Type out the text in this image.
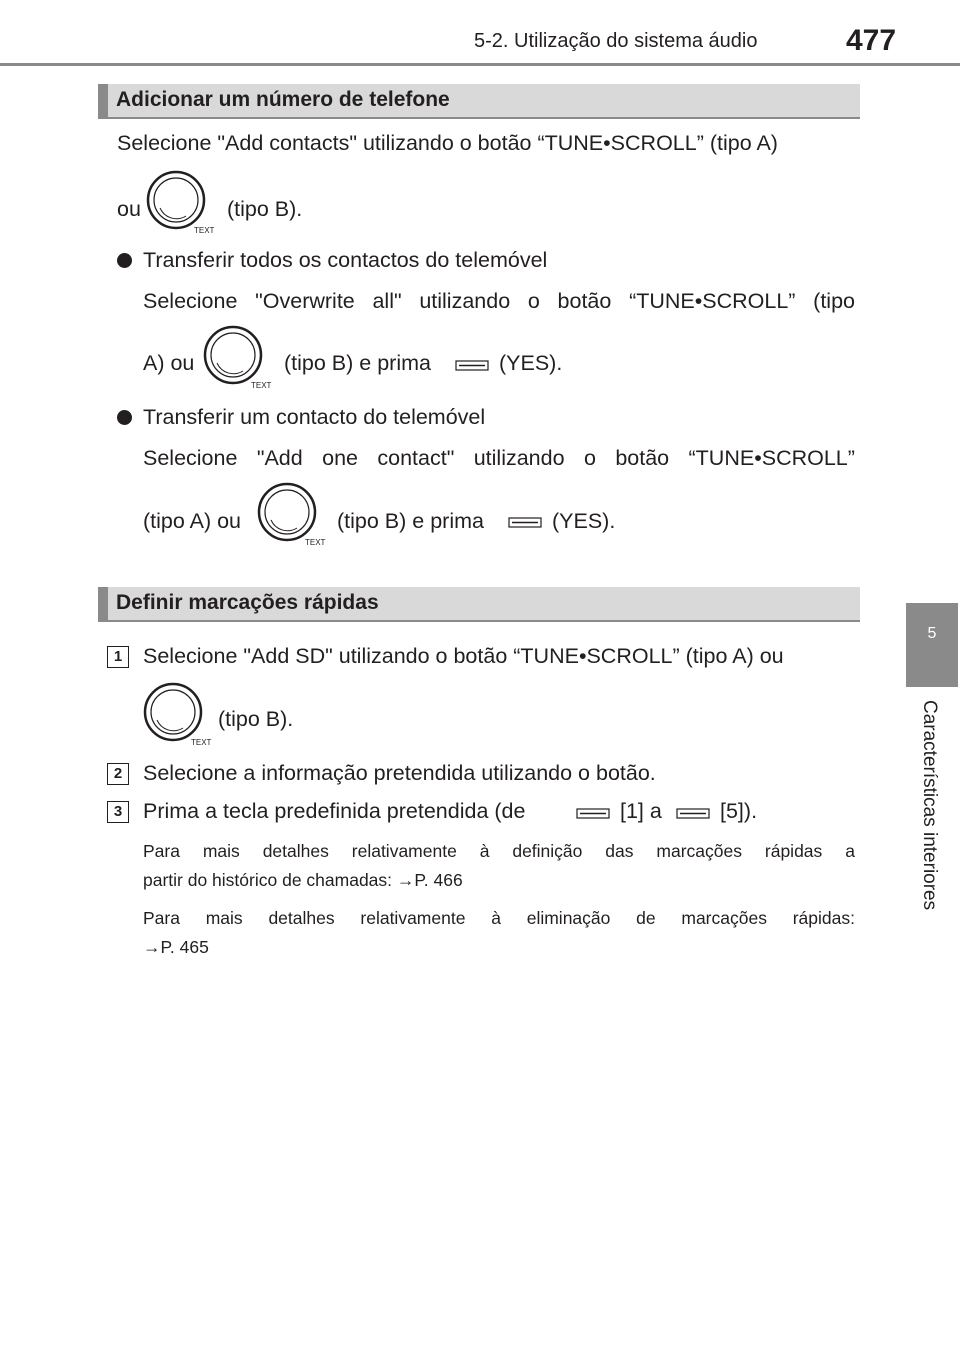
5-2. Utilização do sistema áudio	477
5
Características interiores
Adicionar um número de telefone
Selecione "Add contacts" utilizando o botão “TUNE•SCROLL” (tipo A)
ou
TEXT
(tipo B).
Transferir todos os contactos do telemóvel
Selecione "Overwrite all" utilizando o botão “TUNE•SCROLL” (tipo
A) ou
TEXT
(tipo B) e prima	(YES).
Transferir um contacto do telemóvel
Selecione "Add one contact" utilizando o botão “TUNE•SCROLL”
(tipo A) ou
TEXT
(tipo B) e prima	(YES).
Definir marcações rápidas
1 Selecione "Add SD" utilizando o botão “TUNE•SCROLL” (tipo A) ou
TEXT
(tipo B).
2 Selecione a informação pretendida utilizando o botão.
3 Prima a tecla predefinida pretendida (de	[1] a	[5]).
Para mais detalhes relativamente à definição das marcações rápidas a
partir do histórico de chamadas: →P. 466
Para mais detalhes relativamente à eliminação de marcações rápidas:
→P. 465
